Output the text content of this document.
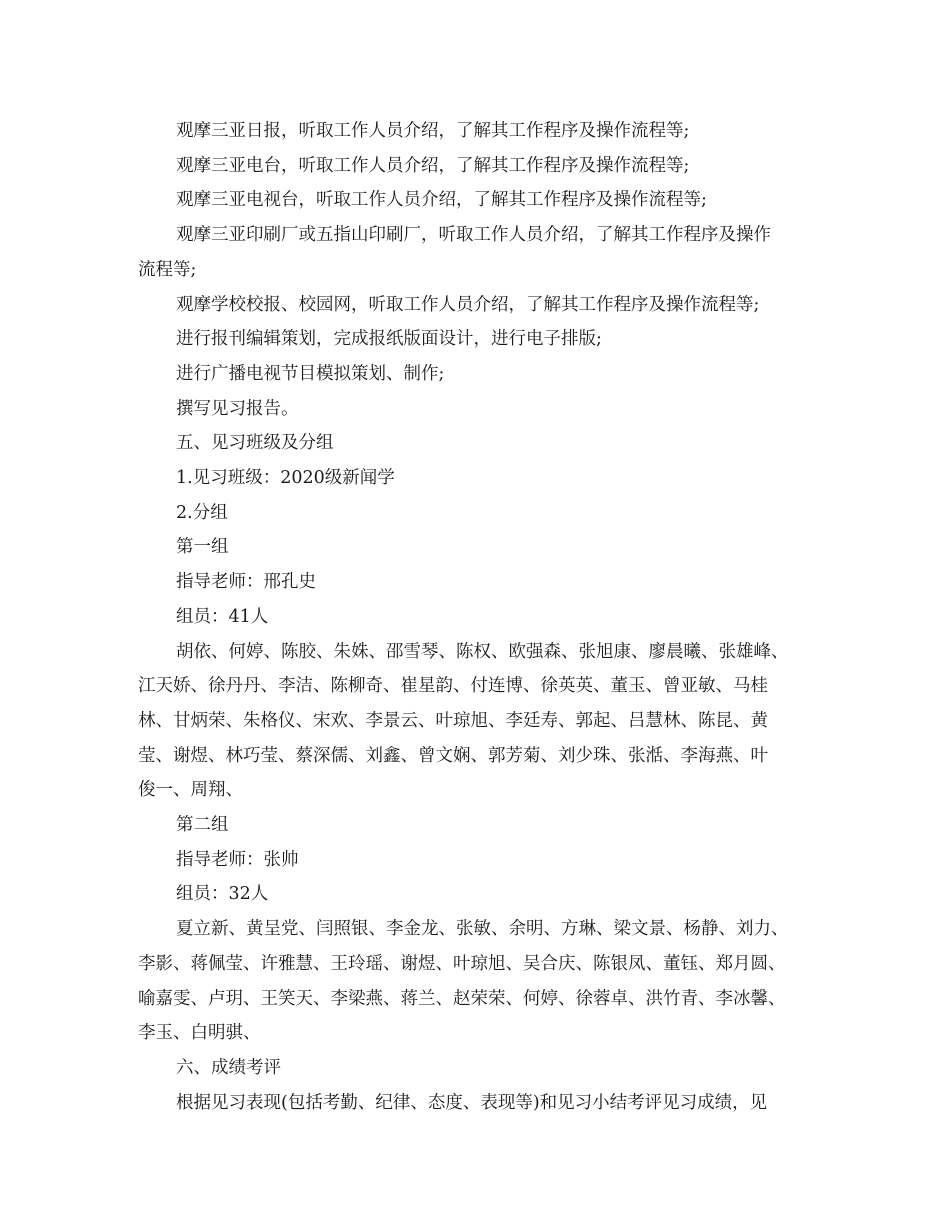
观摩三亚日报，听取工作人员介绍，了解其工作程序及操作流程等;

观摩三亚电台，听取工作人员介绍，了解其工作程序及操作流程等;

观摩三亚电视台，听取工作人员介绍，了解其工作程序及操作流程等;

观摩三亚印刷厂或五指山印刷厂，听取工作人员介绍，了解其工作程序及操作
流程等;

观摩学校校报、校园网，听取工作人员介绍，了解其工作程序及操作流程等;

进行报刊编辑策划，完成报纸版面设计，进行电子排版;

进行广播电视节目模拟策划、制作;

撰写见习报告。

五、见习班级及分组

1.见习班级：2020级新闻学

2.分组

第一组

指导老师：邢孔史

组员：41人

胡依、何婷、陈胶、朱姝、邵雪琴、陈权、欧强森、张旭康、廖晨曦、张雄峰、
江天娇、徐丹丹、李洁、陈柳奇、崔星韵、付连博、徐英英、董玉、曾亚敏、马桂
林、甘炳荣、朱格仪、宋欢、李景云、叶琼旭、李廷寿、郭起、吕慧林、陈昆、黄
莹、谢煜、林巧莹、蔡深儒、刘鑫、曾文娴、郭芳菊、刘少珠、张湉、李海燕、叶
俊一、周翔、

第二组

指导老师：张帅

组员：32人

夏立新、黄呈党、闫照银、李金龙、张敏、余明、方琳、梁文景、杨静、刘力、
李影、蒋佩莹、许雅慧、王玲瑶、谢煜、叶琼旭、吴合庆、陈银凤、董钰、郑月圆、
喻嘉雯、卢玥、王笑天、李梁燕、蒋兰、赵荣荣、何婷、徐蓉卓、洪竹青、李冰馨、
李玉、白明骐、

六、成绩考评

根据见习表现(包括考勤、纪律、态度、表现等)和见习小结考评见习成绩，见
